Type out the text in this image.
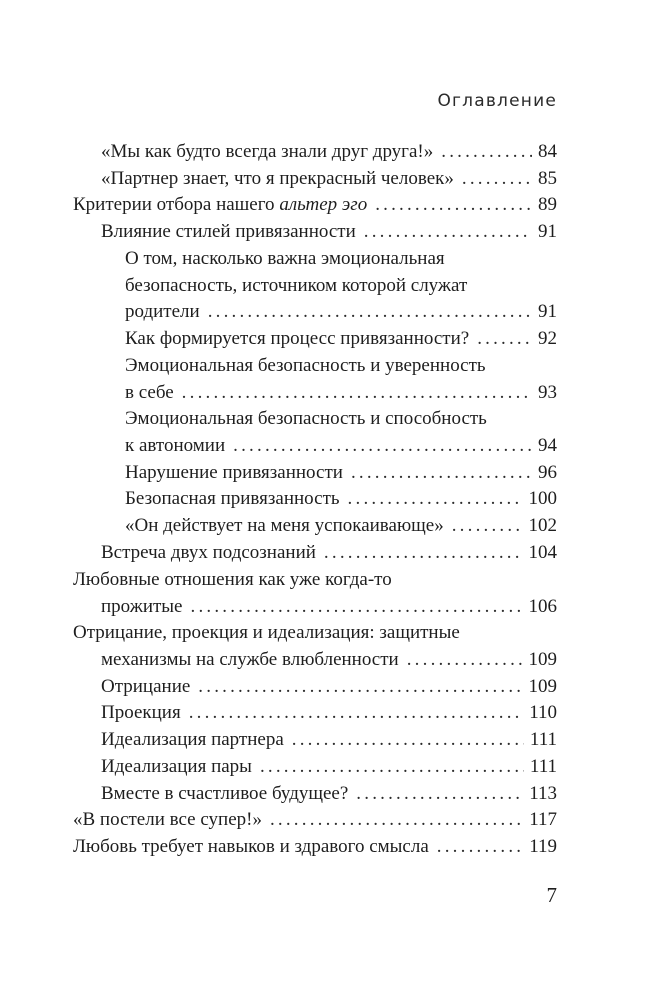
Оглавление
«Мы как будто всегда знали друг друга!» .....	84
«Партнер знает, что я прекрасный человек» .....	85
Критерии отбора нашего альтер эго .....	89
Влияние стилей привязанности .....	91
О том, насколько важна эмоциональная
безопасность, источником которой служат
родители .....	91
Как формируется процесс привязанности? .....	92
Эмоциональная безопасность и уверенность
в себе .....	93
Эмоциональная безопасность и способность
к автономии .....	94
Нарушение привязанности .....	96
Безопасная привязанность .....	100
«Он действует на меня успокаивающе» .....	102
Встреча двух подсознаний .....	104
Любовные отношения как уже когда-то
прожитые .....	106
Отрицание, проекция и идеализация: защитные
механизмы на службе влюбленности .....	109
Отрицание .....	109
Проекция .....	110
Идеализация партнера .....	111
Идеализация пары .....	111
Вместе в счастливое будущее? .....	113
«В постели все супер!» .....	117
Любовь требует навыков и здравого смысла .....	119
7
